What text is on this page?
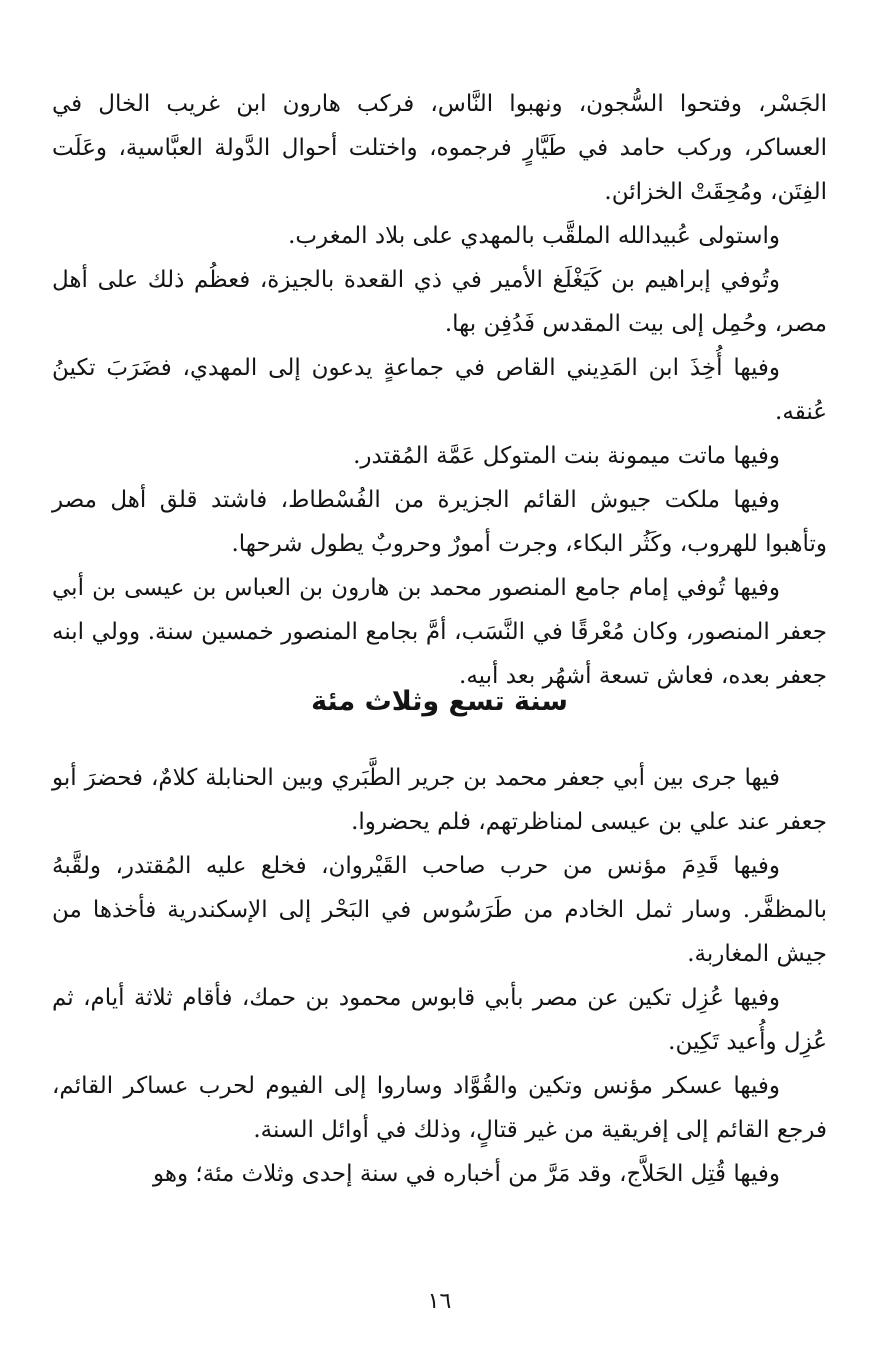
الجَسْر، وفتحوا السُّجون، ونهبوا النَّاس، فركب هارون ابن غريب الخال في العساكر، وركب حامد في طَيَّارٍ فرجموه، واختلت أحوال الدَّولة العبَّاسية، وعَلَت الفِتَن، ومُحِقَتْ الخزائن.

واستولى عُبيدالله الملقَّب بالمهدي على بلاد المغرب.

وتُوفي إبراهيم بن كَيَغْلَغ الأمير في ذي القعدة بالجيزة، فعظُم ذلك على أهل مصر، وحُمِل إلى بيت المقدس فَدُفِن بها.

وفيها أُخِذَ ابن المَدِيني القاص في جماعةٍ يدعون إلى المهدي، فضَرَبَ تكينُ عُنقه.

وفيها ماتت ميمونة بنت المتوكل عَمَّة المُقتدر.

وفيها ملكت جيوش القائم الجزيرة من الفُسْطاط، فاشتد قلق أهل مصر وتأهبوا للهروب، وكَثُر البكاء، وجرت أمورٌ وحروبٌ يطول شرحها.

وفيها تُوفي إمام جامع المنصور محمد بن هارون بن العباس بن عيسى بن أبي جعفر المنصور، وكان مُعْرقًا في النَّسَب، أمَّ بجامع المنصور خمسين سنة. وولي ابنه جعفر بعده، فعاش تسعة أشهُر بعد أبيه.

سنة تسع وثلاث مئة

فيها جرى بين أبي جعفر محمد بن جرير الطَّبَري وبين الحنابلة كلامٌ، فحضرَ أبو جعفر عند علي بن عيسى لمناظرتهم، فلم يحضروا.

وفيها قَدِمَ مؤنس من حرب صاحب القَيْروان، فخلع عليه المُقتدر، ولقَّبهُ بالمظفَّر. وسار ثمل الخادم من طَرَسُوس في البَحْر إلى الإسكندرية فأخذها من جيش المغاربة.

وفيها عُزِل تكين عن مصر بأبي قابوس محمود بن حمك، فأقام ثلاثة أيام، ثم عُزِل وأُعيد تَكِين.

وفيها عسكر مؤنس وتكين والقُوَّاد وساروا إلى الفيوم لحرب عساكر القائم، فرجع القائم إلى إفريقية من غير قتالٍ، وذلك في أوائل السنة.

وفيها قُتِل الحَلاَّج، وقد مَرَّ من أخباره في سنة إحدى وثلاث مئة؛ وهو

١٦
